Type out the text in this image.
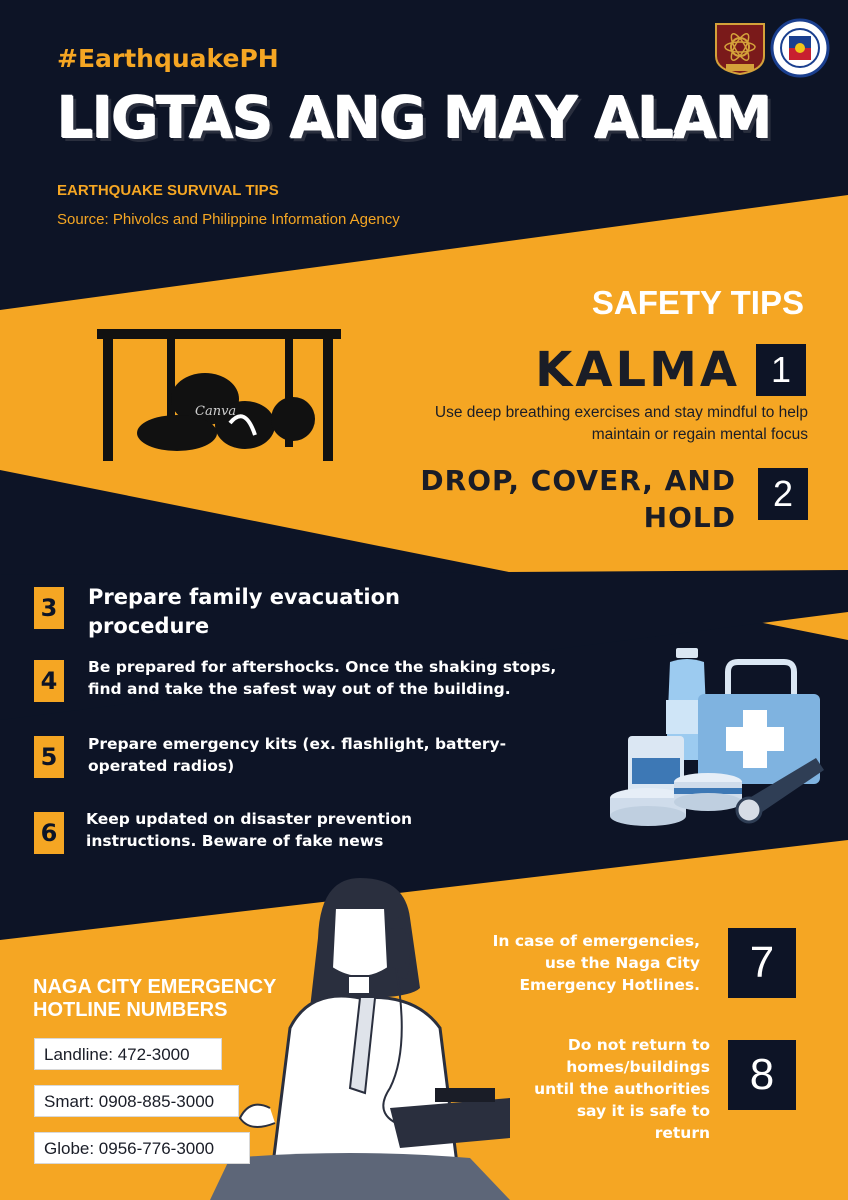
#EarthquakePH
LIGTAS ANG MAY ALAM
EARTHQUAKE SURVIVAL TIPS
Source: Phivolcs and Philippine Information Agency
Canva
SAFETY TIPS
KALMA 1
Use deep breathing exercises and stay mindful to help
maintain or regain mental focus
DROP, COVER, AND
HOLD
2
3	Prepare family evacuation
procedure
4	Be prepared for aftershocks. Once the shaking stops,
find and take the safest way out of the building.
5	Prepare emergency kits (ex. flashlight, battery-
operated radios)
6	Keep updated on disaster prevention
instructions. Beware of fake news
NAGA CITY EMERGENCY
HOTLINE NUMBERS
Landline: 472-3000
Smart: 0908-885-3000
Globe: 0956-776-3000
In case of emergencies,
use the Naga City
Emergency Hotlines.	7
Do not return to
homes/buildings
until the authorities
say it is safe to
return
8
